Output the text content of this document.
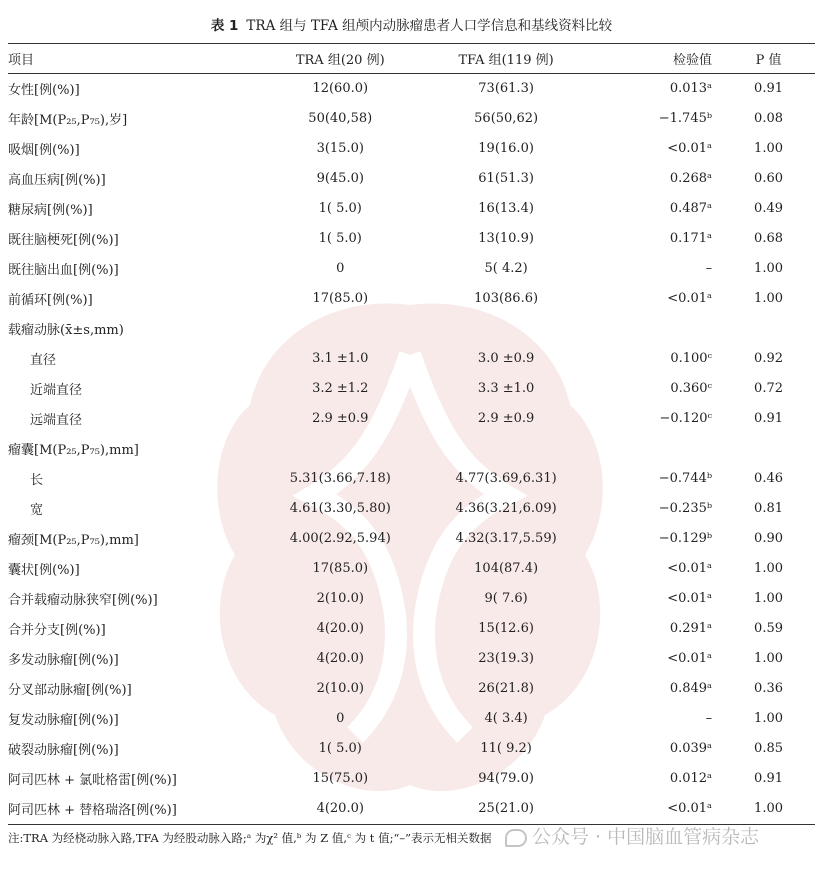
表 1 TRA 组与 TFA 组颅内动脉瘤患者人口学信息和基线资料比较
项目	TRA 组(20 例)	TFA 组(119 例)	检验值	P 值
女性[例(%)]	12(60.0)	73(61.3)	0.013ᵃ	0.91
年龄[M(P₂₅,P₇₅),岁]	50(40,58)	56(50,62)	−1.745ᵇ	0.08
吸烟[例(%)]	3(15.0)	19(16.0)	<0.01ᵃ	1.00
高血压病[例(%)]	9(45.0)	61(51.3)	0.268ᵃ	0.60
糖尿病[例(%)]	1( 5.0)	16(13.4)	0.487ᵃ	0.49
既往脑梗死[例(%)]	1( 5.0)	13(10.9)	0.171ᵃ	0.68
既往脑出血[例(%)]	0	5( 4.2)	–	1.00
前循环[例(%)]	17(85.0)	103(86.6)	<0.01ᵃ	1.00
载瘤动脉(x̄±s,mm)				
直径	3.1 ±1.0	3.0 ±0.9	0.100ᶜ	0.92
近端直径	3.2 ±1.2	3.3 ±1.0	0.360ᶜ	0.72
远端直径	2.9 ±0.9	2.9 ±0.9	−0.120ᶜ	0.91
瘤囊[M(P₂₅,P₇₅),mm]				
长	5.31(3.66,7.18)	4.77(3.69,6.31)	−0.744ᵇ	0.46
宽	4.61(3.30,5.80)	4.36(3.21,6.09)	−0.235ᵇ	0.81
瘤颈[M(P₂₅,P₇₅),mm]	4.00(2.92,5.94)	4.32(3.17,5.59)	−0.129ᵇ	0.90
囊状[例(%)]	17(85.0)	104(87.4)	<0.01ᵃ	1.00
合并载瘤动脉狭窄[例(%)]	2(10.0)	9( 7.6)	<0.01ᵃ	1.00
合并分支[例(%)]	4(20.0)	15(12.6)	0.291ᵃ	0.59
多发动脉瘤[例(%)]	4(20.0)	23(19.3)	<0.01ᵃ	1.00
分叉部动脉瘤[例(%)]	2(10.0)	26(21.8)	0.849ᵃ	0.36
复发动脉瘤[例(%)]	0	4( 3.4)	–	1.00
破裂动脉瘤[例(%)]	1( 5.0)	11( 9.2)	0.039ᵃ	0.85
阿司匹林 + 氯吡格雷[例(%)]	15(75.0)	94(79.0)	0.012ᵃ	0.91
阿司匹林 + 替格瑞洛[例(%)]	4(20.0)	25(21.0)	<0.01ᵃ	1.00
注:TRA 为经桡动脉入路,TFA 为经股动脉入路;ᵃ 为χ² 值,ᵇ 为 Z 值,ᶜ 为 t 值;“–”表示无相关数据	公众号 · 中国脑血管病杂志
